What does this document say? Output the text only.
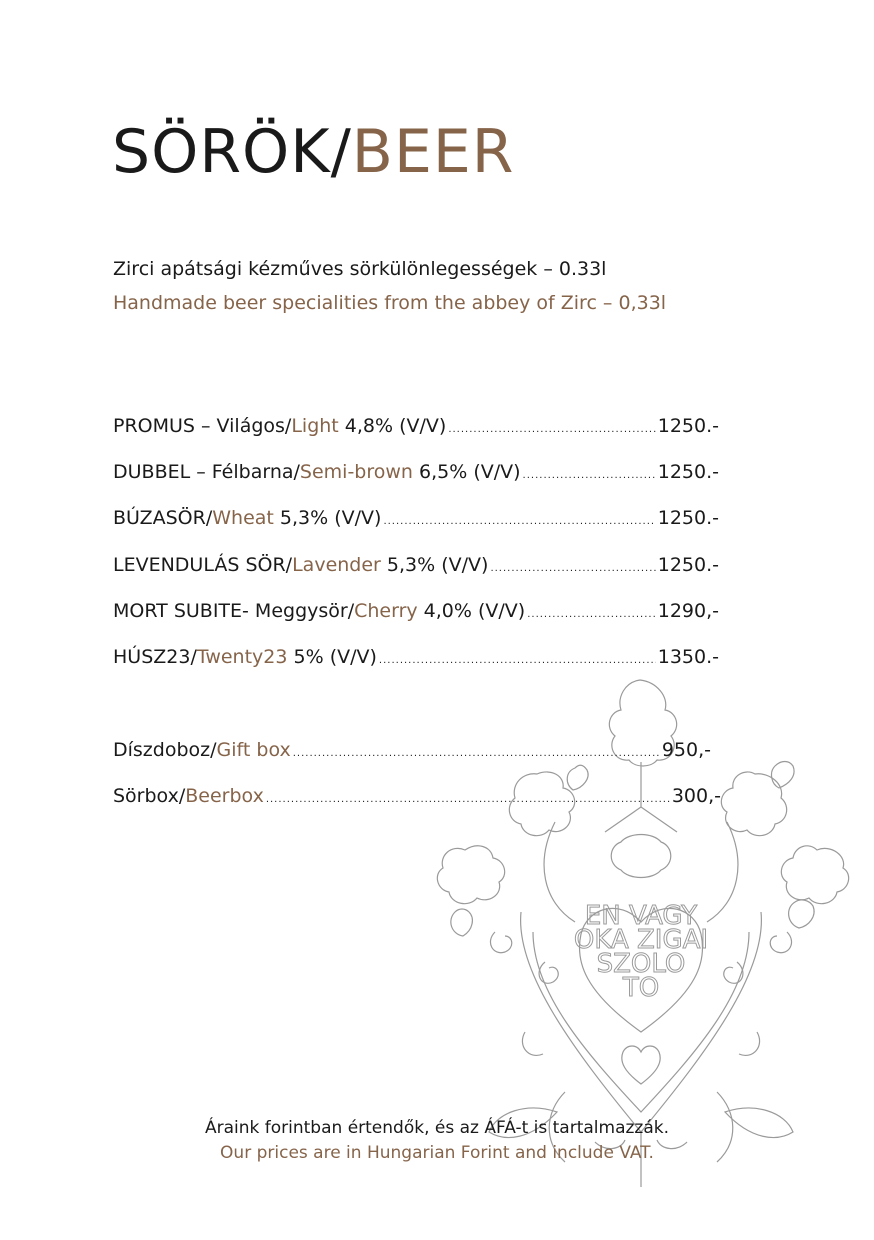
EN VAGY
OKA ZIGAI
SZOLO
TO
SÖRÖK/BEER

Zirci apátsági kézműves sörkülönlegességek – 0.33l

Handmade beer specialities from the abbey of Zirc – 0,33l

PROMUS – Világos/Light 4,8% (V/V) .....	1250.-
DUBBEL – Félbarna/Semi-brown 6,5% (V/V) .....	1250.-
BÚZASÖR/Wheat 5,3% (V/V) .....	1250.-
LEVENDULÁS SÖR/Lavender 5,3% (V/V) .....	1250.-
MORT SUBITE- Meggysör/Cherry 4,0% (V/V) .....	1290,-
HÚSZ23/Twenty23 5% (V/V) .....	1350.-
Díszdoboz/Gift box .....	950,-
Sörbox/Beerbox .....	300,-

Áraink forintban értendők, és az ÁFÁ-t is tartalmazzák.

Our prices are in Hungarian Forint and include VAT.
